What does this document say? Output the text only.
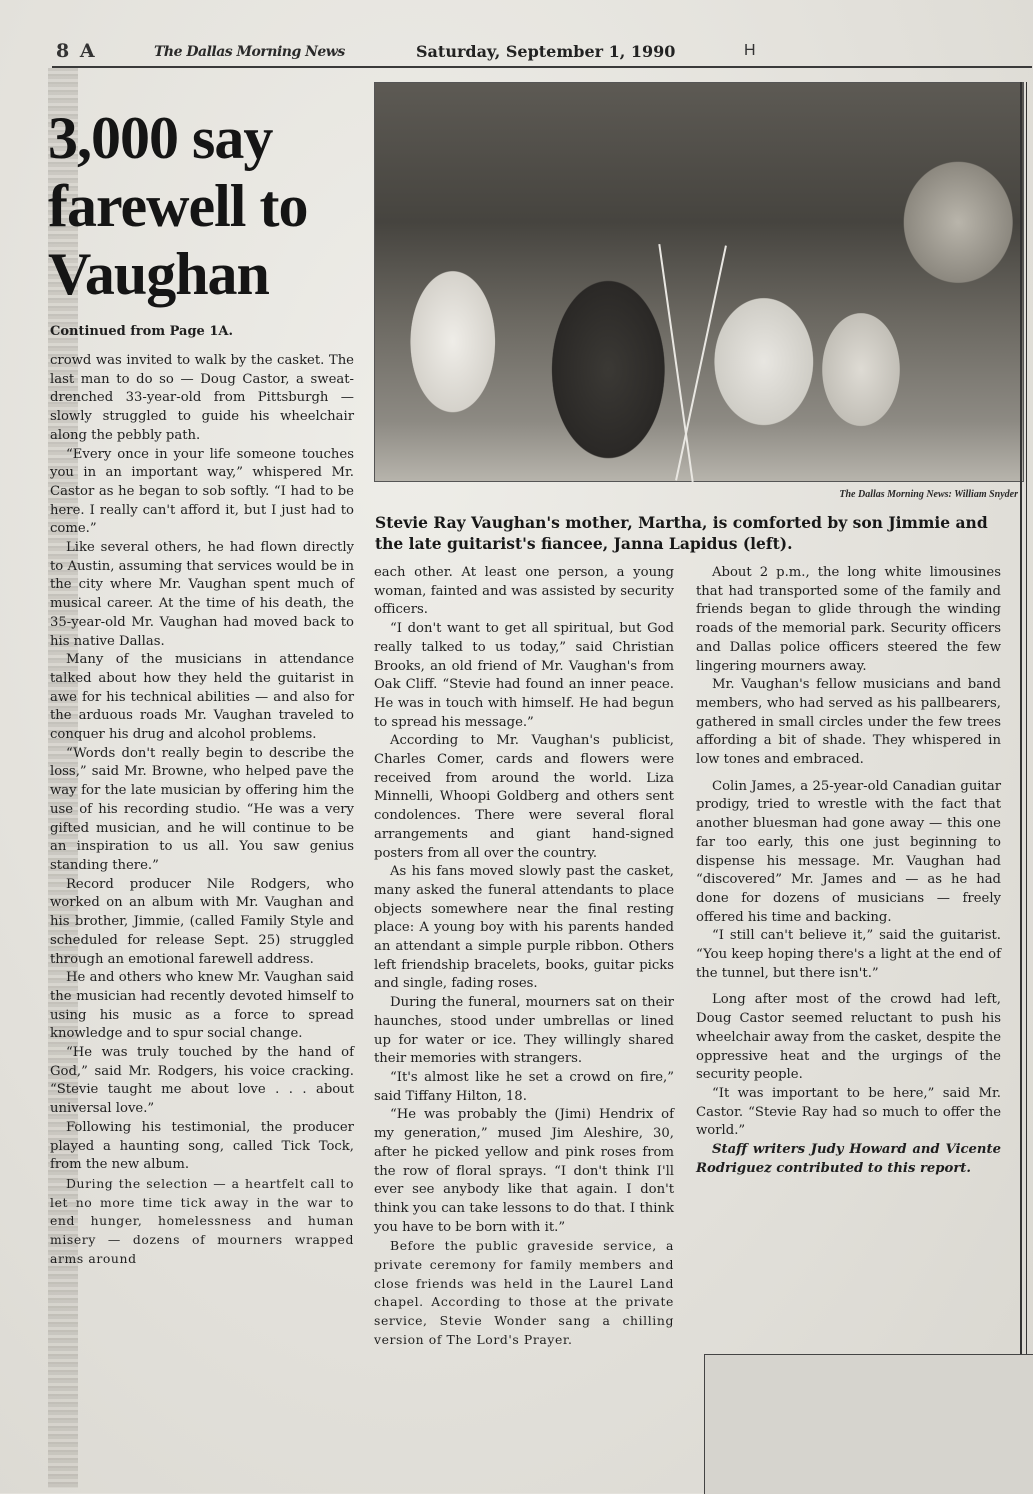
8 A	The Dallas Morning News	Saturday, September 1, 1990	H
3,000 say farewell to Vaughan
Continued from Page 1A.
The Dallas Morning News: William Snyder
Stevie Ray Vaughan's mother, Martha, is comforted by son Jimmie and the late guitarist's fiancee, Janna Lapidus (left).

crowd was invited to walk by the casket. The last man to do so — Doug Castor, a sweat-drenched 33-year-old from Pittsburgh — slowly struggled to guide his wheelchair along the pebbly path.

“Every once in your life someone touches you in an important way,” whispered Mr. Castor as he began to sob softly. “I had to be here. I really can't afford it, but I just had to come.”

Like several others, he had flown directly to Austin, assuming that services would be in the city where Mr. Vaughan spent much of musical career. At the time of his death, the 35-year-old Mr. Vaughan had moved back to his native Dallas.

Many of the musicians in attendance talked about how they held the guitarist in awe for his technical abilities — and also for the arduous roads Mr. Vaughan traveled to conquer his drug and alcohol problems.

“Words don't really begin to describe the loss,” said Mr. Browne, who helped pave the way for the late musician by offering him the use of his recording studio. “He was a very gifted musician, and he will continue to be an inspiration to us all. You saw genius standing there.”

Record producer Nile Rodgers, who worked on an album with Mr. Vaughan and his brother, Jimmie, (called Family Style and scheduled for release Sept. 25) struggled through an emotional farewell address.

He and others who knew Mr. Vaughan said the musician had recently devoted himself to using his music as a force to spread knowledge and to spur social change.

“He was truly touched by the hand of God,” said Mr. Rodgers, his voice cracking. “Stevie taught me about love . . . about universal love.”

Following his testimonial, the producer played a haunting song, called Tick Tock, from the new album.

During the selection — a heartfelt call to let no more time tick away in the war to end hunger, homelessness and human misery — dozens of mourners wrapped arms around

each other. At least one person, a young woman, fainted and was assisted by security officers.

“I don't want to get all spiritual, but God really talked to us today,” said Christian Brooks, an old friend of Mr. Vaughan's from Oak Cliff. “Stevie had found an inner peace. He was in touch with himself. He had begun to spread his message.”

According to Mr. Vaughan's publicist, Charles Comer, cards and flowers were received from around the world. Liza Minnelli, Whoopi Goldberg and others sent condolences. There were several floral arrangements and giant hand-signed posters from all over the country.

As his fans moved slowly past the casket, many asked the funeral attendants to place objects somewhere near the final resting place: A young boy with his parents handed an attendant a simple purple ribbon. Others left friendship bracelets, books, guitar picks and single, fading roses.

During the funeral, mourners sat on their haunches, stood under umbrellas or lined up for water or ice. They willingly shared their memories with strangers.

“It's almost like he set a crowd on fire,” said Tiffany Hilton, 18.

“He was probably the (Jimi) Hendrix of my generation,” mused Jim Aleshire, 30, after he picked yellow and pink roses from the row of floral sprays. “I don't think I'll ever see anybody like that again. I don't think you can take lessons to do that. I think you have to be born with it.”

Before the public graveside service, a private ceremony for family members and close friends was held in the Laurel Land chapel. According to those at the private service, Stevie Wonder sang a chilling version of The Lord's Prayer.

About 2 p.m., the long white limousines that had transported some of the family and friends began to glide through the winding roads of the memorial park. Security officers and Dallas police officers steered the few lingering mourners away.

Mr. Vaughan's fellow musicians and band members, who had served as his pallbearers, gathered in small circles under the few trees affording a bit of shade. They whispered in low tones and embraced.

Colin James, a 25-year-old Canadian guitar prodigy, tried to wrestle with the fact that another bluesman had gone away — this one far too early, this one just beginning to dispense his message. Mr. Vaughan had “discovered” Mr. James and — as he had done for dozens of musicians — freely offered his time and backing.

“I still can't believe it,” said the guitarist. “You keep hoping there's a light at the end of the tunnel, but there isn't.”

Long after most of the crowd had left, Doug Castor seemed reluctant to push his wheelchair away from the casket, despite the oppressive heat and the urgings of the security people.

“It was important to be here,” said Mr. Castor. “Stevie Ray had so much to offer the world.”

Staff writers Judy Howard and Vicente Rodriguez contributed to this report.
